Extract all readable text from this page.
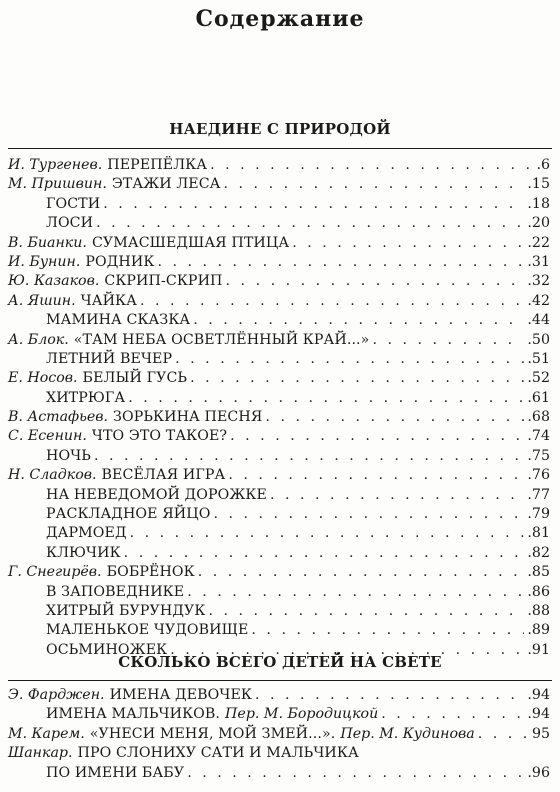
Содержание
НАЕДИНЕ С ПРИРОДОЙ
И. Тургенев. ПЕРЕПЁЛКА . . .	.6
М. Пришвин. ЭТАЖИ ЛЕСА . . .	.15
ГОСТИ . . .	.18
ЛОСИ . . .	.20
В. Бианки. СУМАСШЕДШАЯ ПТИЦА . . .	.22
И. Бунин. РОДНИК . . .	.31
Ю. Казаков. СКРИП-СКРИП . . .	.32
А. Яшин. ЧАЙКА . . .	.42
МАМИНА СКАЗКА . . .	.44
А. Блок. «ТАМ НЕБА ОСВЕТЛЁННЫЙ КРАЙ...» . . .	.50
ЛЕТНИЙ ВЕЧЕР . . .	.51
Е. Носов. БЕЛЫЙ ГУСЬ . . .	.52
ХИТРЮГА . . .	.61
В. Астафьев. ЗОРЬКИНА ПЕСНЯ . . .	.68
С. Есенин. ЧТО ЭТО ТАКОЕ? . . .	.74
НОЧЬ . . .	.75
Н. Сладков. ВЕСЁЛАЯ ИГРА . . .	.76
НА НЕВЕДОМОЙ ДОРОЖКЕ . . .	.77
РАСКЛАДНОЕ ЯЙЦО . . .	.79
ДАРМОЕД . . .	.81
КЛЮЧИК . . .	.82
Г. Снегирёв. БОБРЁНОК . . .	.85
В ЗАПОВЕДНИКЕ . . .	.86
ХИТРЫЙ БУРУНДУК . . .	.88
МАЛЕНЬКОЕ ЧУДОВИЩЕ . . .	.89
ОСЬМИНОЖЕК . . .	.91
СКОЛЬКО ВСЕГО ДЕТЕЙ НА СВЕТЕ
Э. Фарджен. ИМЕНА ДЕВОЧЕК . . .	.94
ИМЕНА МАЛЬЧИКОВ. Пер. М. Бородицкой . . .	.94
М. Карем. «УНЕСИ МЕНЯ, МОЙ ЗМЕЙ...». Пер. М. Кудинова . . .	95
Шанкар. ПРО СЛОНИХУ САТИ И МАЛЬЧИКА
ПО ИМЕНИ БАБУ . . .	.96
